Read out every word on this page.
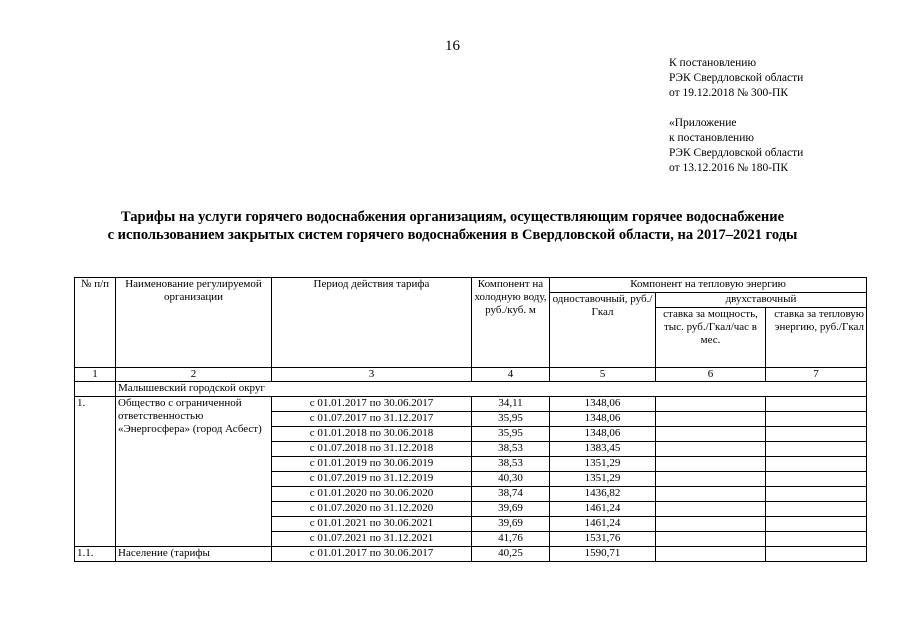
16
К постановлению
РЭК Свердловской области
от 19.12.2018 № 300-ПК
«Приложение
к постановлению
РЭК Свердловской области
от 13.12.2016 № 180-ПК
Тарифы на услуги горячего водоснабжения организациям, осуществляющим горячее водоснабжение
с использованием закрытых систем горячего водоснабжения в Свердловской области, на 2017–2021 годы
№ п/п	Наименование регулируемой организации	Период действия тарифа	Компонент на холодную воду, руб./куб. м	Компонент на тепловую энергию		
				одноставочный, руб./Гкал	двухставочный	
					ставка за мощность, тыс. руб./Гкал/час в мес.	ставка за тепловую энергию, руб./Гкал
1	2	3	4	5	6	7
	Малышевский городской округ					
1.	Общество с ограниченной ответственностью «Энергосфера» (город Асбест)	с 01.01.2017 по 30.06.2017	34,11	1348,06		
		с 01.07.2017 по 31.12.2017	35,95	1348,06		
		с 01.01.2018 по 30.06.2018	35,95	1348,06		
		с 01.07.2018 по 31.12.2018	38,53	1383,45		
		с 01.01.2019 по 30.06.2019	38,53	1351,29		
		с 01.07.2019 по 31.12.2019	40,30	1351,29		
		с 01.01.2020 по 30.06.2020	38,74	1436,82		
		с 01.07.2020 по 31.12.2020	39,69	1461,24		
		с 01.01.2021 по 30.06.2021	39,69	1461,24		
		с 01.07.2021 по 31.12.2021	41,76	1531,76		
1.1.	Население (тарифы	с 01.01.2017 по 30.06.2017	40,25	1590,71		
